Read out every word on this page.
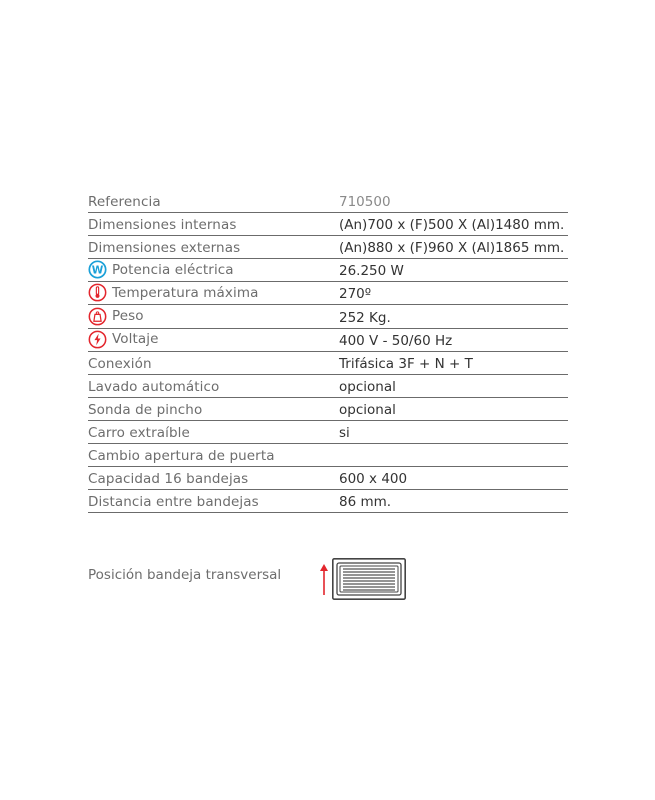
Referencia	710500
Dimensiones internas	(An)700 x (F)500 X (Al)1480 mm.
Dimensiones externas	(An)880 x (F)960 X (Al)1865 mm.
W Potencia eléctrica	26.250 W
Temperatura máxima	270º
Peso	252 Kg.
Voltaje	400 V - 50/60 Hz
Conexión	Trifásica 3F + N + T
Lavado automático	opcional
Sonda de pincho	opcional
Carro extraíble	si
Cambio apertura de puerta
Capacidad 16 bandejas	600 x 400
Distancia entre bandejas	86 mm.
Posición bandeja transversal
